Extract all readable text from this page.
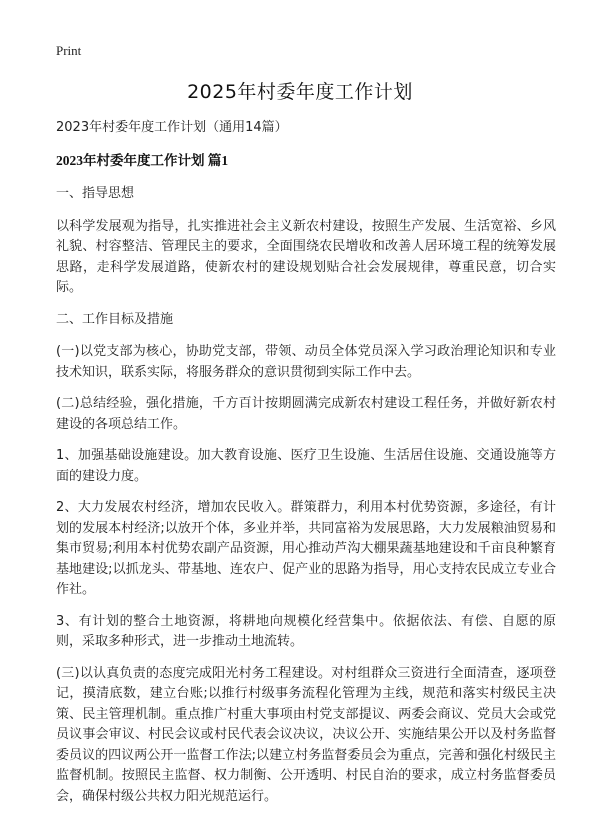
Print
2025年村委年度工作计划

2023年村委年度工作计划（通用14篇）

2023年村委年度工作计划 篇1

一、指导思想

以科学发展观为指导，扎实推进社会主义新农村建设，按照生产发展、生活宽裕、乡风礼貌、村容整洁、管理民主的要求，全面围绕农民增收和改善人居环境工程的统筹发展思路，走科学发展道路，使新农村的建设规划贴合社会发展规律，尊重民意，切合实际。

二、工作目标及措施

(一)以党支部为核心，协助党支部，带领、动员全体党员深入学习政治理论知识和专业技术知识，联系实际，将服务群众的意识贯彻到实际工作中去。

(二)总结经验，强化措施，千方百计按期圆满完成新农村建设工程任务，并做好新农村建设的各项总结工作。

1、加强基础设施建设。加大教育设施、医疗卫生设施、生活居住设施、交通设施等方面的建设力度。

2、大力发展农村经济，增加农民收入。群策群力，利用本村优势资源，多途径，有计划的发展本村经济;以放开个体，多业并举，共同富裕为发展思路，大力发展粮油贸易和集市贸易;利用本村优势农副产品资源，用心推动芦沟大棚果蔬基地建设和千亩良种繁育基地建设;以抓龙头、带基地、连农户、促产业的思路为指导，用心支持农民成立专业合作社。

3、有计划的整合土地资源，将耕地向规模化经营集中。依据依法、有偿、自愿的原则，采取多种形式，进一步推动土地流转。

(三)以认真负责的态度完成阳光村务工程建设。对村组群众三资进行全面清查，逐项登记，摸清底数，建立台账;以推行村级事务流程化管理为主线，规范和落实村级民主决策、民主管理机制。重点推广村重大事项由村党支部提议、两委会商议、党员大会或党员议事会审议、村民会议或村民代表会议决议，决议公开、实施结果公开以及村务监督委员议的四议两公开一监督工作法;以建立村务监督委员会为重点，完善和强化村级民主监督机制。按照民主监督、权力制衡、公开透明、村民自治的要求，成立村务监督委员会，确保村级公共权力阳光规范运行。
